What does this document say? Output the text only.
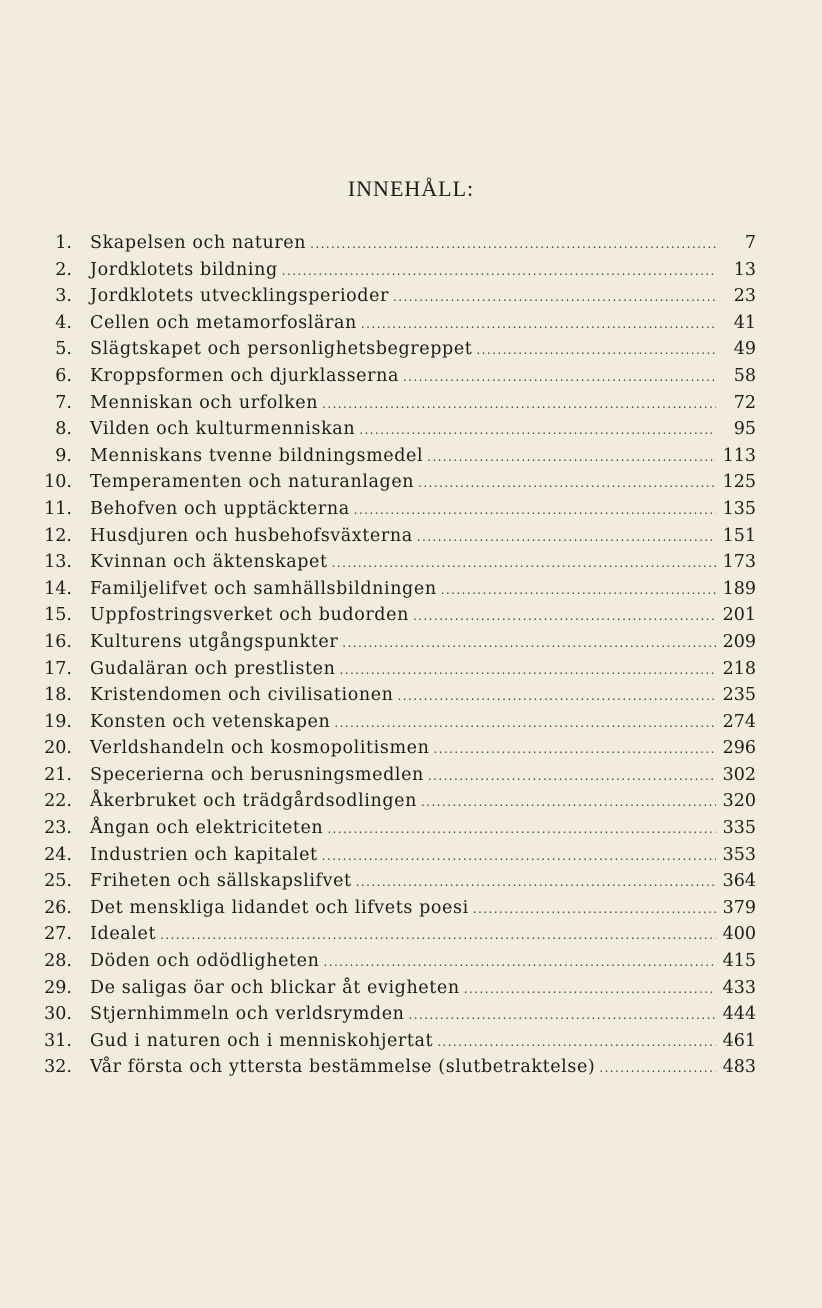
INNEHÅLL:
1. Skapelsen och naturen . . .	7
2. Jordklotets bildning . . .	13
3. Jordklotets utvecklingsperioder . . .	23
4. Cellen och metamorfosläran . . .	41
5. Slägtskapet och personlighetsbegreppet . . .	49
6. Kroppsformen och djurklasserna . . .	58
7. Menniskan och urfolken . . .	72
8. Vilden och kulturmenniskan . . .	95
9. Menniskans tvenne bildningsmedel . . .	113
10. Temperamenten och naturanlagen . . .	125
11. Behofven och upptäckterna . . .	135
12. Husdjuren och husbehofsväxterna . . .	151
13. Kvinnan och äktenskapet . . .	173
14. Familjelifvet och samhällsbildningen . . .	189
15. Uppfostringsverket och budorden . . .	201
16. Kulturens utgångspunkter . . .	209
17. Gudaläran och prestlisten . . .	218
18. Kristendomen och civilisationen . . .	235
19. Konsten och vetenskapen . . .	274
20. Verldshandeln och kosmopolitismen . . .	296
21. Specerierna och berusningsmedlen . . .	302
22. Åkerbruket och trädgårdsodlingen . . .	320
23. Ångan och elektriciteten . . .	335
24. Industrien och kapitalet . . .	353
25. Friheten och sällskapslifvet . . .	364
26. Det menskliga lidandet och lifvets poesi . . .	379
27. Idealet . . .	400
28. Döden och odödligheten . . .	415
29. De saligas öar och blickar åt evigheten . . .	433
30. Stjernhimmeln och verldsrymden . . .	444
31. Gud i naturen och i menniskohjertat . . .	461
32. Vår första och yttersta bestämmelse (slutbetraktelse) . . .	483
